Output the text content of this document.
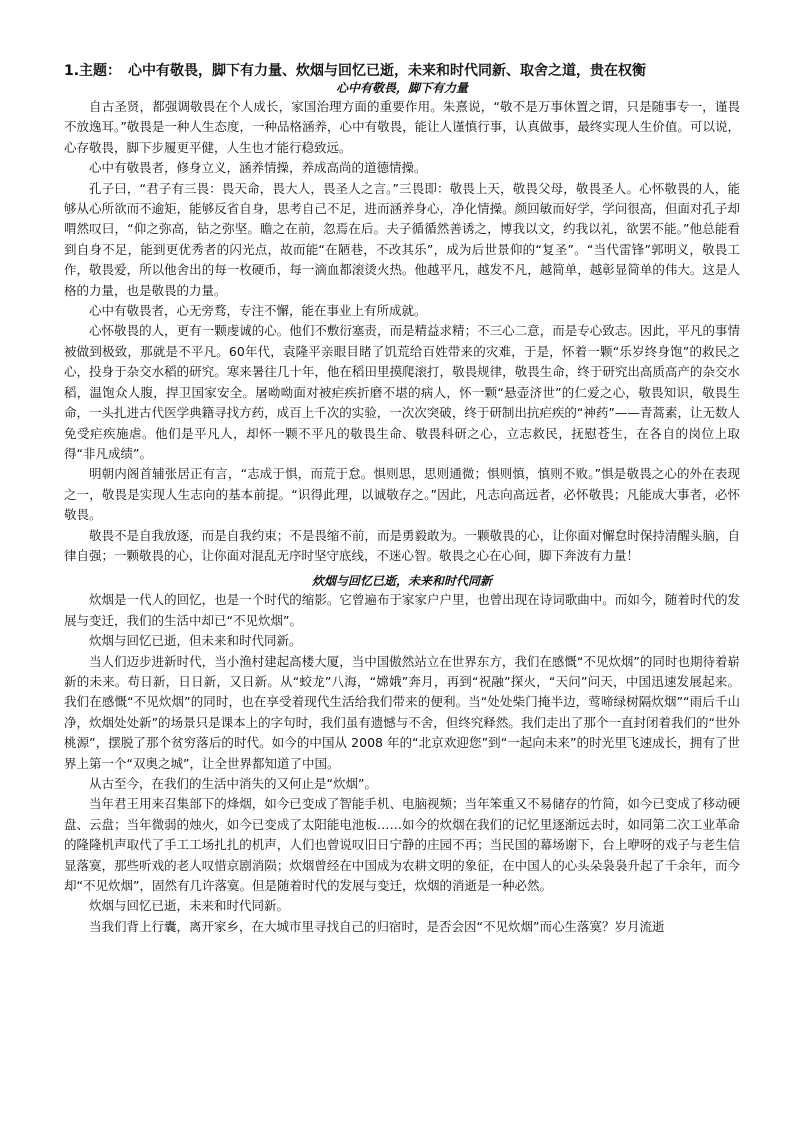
1.主题：　心中有敬畏，脚下有力量、炊烟与回忆已逝，未来和时代同新、取舍之道，贵在权衡
心中有敬畏，脚下有力量

自古圣贤，都强调敬畏在个人成长，家国治理方面的重要作用。朱熹说，“敬不是万事休置之谓，只是随事专一，谨畏不放逸耳。”敬畏是一种人生态度，一种品格涵养，心中有敬畏，能让人谨慎行事，认真做事，最终实现人生价值。可以说，心存敬畏，脚下步履更平健，人生也才能行稳致远。

心中有敬畏者，修身立义，涵养情操，养成高尚的道德情操。

孔子曰，“君子有三畏：畏天命，畏大人，畏圣人之言。”三畏即：敬畏上天，敬畏父母，敬畏圣人。心怀敬畏的人，能够从心所欲而不逾矩，能够反省自身，思考自己不足，进而涵养身心，净化情操。颜回敏而好学，学问很高，但面对孔子却喟然叹曰，“仰之弥高，钻之弥坚。瞻之在前，忽焉在后。夫子循循然善诱之，博我以文，约我以礼，欲罢不能。”他总能看到自身不足，能到更优秀者的闪光点，故而能“在陋巷，不改其乐”，成为后世景仰的“复圣”。“当代雷锋”郭明义，敬畏工作，敬畏爱，所以他舍出的每一枚硬币，每一滴血都滚烫火热。他越平凡，越发不凡，越简单，越彰显简单的伟大。这是人格的力量，也是敬畏的力量。

心中有敬畏者，心无旁骛，专注不懈，能在事业上有所成就。

心怀敬畏的人，更有一颗虔诚的心。他们不敷衍塞责，而是精益求精；不三心二意，而是专心致志。因此，平凡的事情被做到极致，那就是不平凡。60年代，袁隆平亲眼目睹了饥荒给百姓带来的灾难，于是，怀着一颗“乐岁终身饱”的救民之心，投身于杂交水稻的研究。寒来暑往几十年，他在稻田里摸爬滚打，敬畏规律，敬畏生命，终于研究出高质高产的杂交水稻，温饱众人腹，捍卫国家安全。屠呦呦面对被疟疾折磨不堪的病人，怀一颗“悬壶济世”的仁爱之心，敬畏知识，敬畏生命，一头扎进古代医学典籍寻找方药，成百上千次的实验，一次次突破，终于研制出抗疟疾的“神药”——青蒿素，让无数人免受疟疾施虐。他们是平凡人，却怀一颗不平凡的敬畏生命、敬畏科研之心，立志救民，抚慰苍生，在各自的岗位上取得“非凡成绩”。

明朝内阁首辅张居正有言，“志成于惧，而荒于怠。惧则思，思则通微；惧则慎，慎则不败。”惧是敬畏之心的外在表现之一，敬畏是实现人生志向的基本前提。“识得此理，以诚敬存之。”因此，凡志向高远者，必怀敬畏；凡能成大事者，必怀敬畏。

敬畏不是自我放逐，而是自我约束；不是畏缩不前，而是勇毅敢为。一颗敬畏的心，让你面对懈怠时保持清醒头脑，自律自强；一颗敬畏的心，让你面对混乱无序时坚守底线，不迷心智。敬畏之心在心间，脚下奔波有力量！

炊烟与回忆已逝，未来和时代同新

炊烟是一代人的回忆，也是一个时代的缩影。它曾遍布于家家户户里，也曾出现在诗词歌曲中。而如今，随着时代的发展与变迁，我们的生活中却已“不见炊烟”。

炊烟与回忆已逝，但未来和时代同新。

当人们迈步进新时代，当小渔村建起高楼大厦，当中国傲然站立在世界东方，我们在感慨“不见炊烟”的同时也期待着崭新的未来。苟日新，日日新，又日新。从“蛟龙”八海，“嫦娥”奔月，再到“祝融”探火，“天问”问天，中国迅速发展起来。我们在感慨“不见炊烟”的同时，也在享受着现代生活给我们带来的便利。当“处处柴门掩半边，莺啼绿树隔炊烟”“雨后千山净，炊烟处处新”的场景只是课本上的字句时，我们虽有遗憾与不舍，但终究释然。我们走出了那个一直封闭着我们的“世外桃源”，摆脱了那个贫穷落后的时代。如今的中国从 2008 年的“北京欢迎您”到“一起向未来”的时光里飞速成长，拥有了世界上第一个“双奥之城”，让全世界都知道了中国。

从古至今，在我们的生活中消失的又何止是“炊烟”。

当年君王用来召集部下的烽烟，如今已变成了智能手机、电脑视频；当年笨重又不易储存的竹简，如今已变成了移动硬盘、云盘；当年微弱的烛火，如今已变成了太阳能电池板……如今的炊烟在我们的记忆里逐渐远去时，如同第二次工业革命的隆隆机声取代了手工工场扎扎的机声，人们也曾说叹旧日宁静的庄园不再；当民国的幕场谢下，台上咿呀的戏子与老生信显落寞，那些听戏的老人叹惜京剧消陨；炊烟曾经在中国成为农耕文明的象征，在中国人的心头朵袅袅升起了千余年，而今却“不见炊烟”，固然有几许落寞。但是随着时代的发展与变迁，炊烟的消逝是一种必然。

炊烟与回忆已逝，未来和时代同新。

当我们背上行囊，离开家乡，在大城市里寻找自己的归宿时，是否会因“不见炊烟”而心生落寞？岁月流逝
